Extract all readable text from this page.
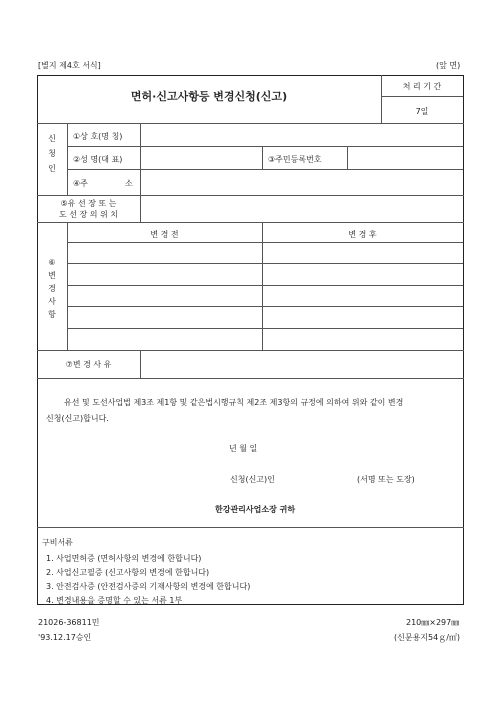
[별지 제4호 서식]	(앞 면)
면허·신고사항등 변경신청(신고)
처 리 기 간
7일
신
청
인
①상 호(명 칭)
②성 명(대 표)	③주민등록번호
④주	소
⑤유 선 장 또 는
도 선 장 의 위 치
⑥
변
경
사
항
변 경 전	변 경 후
⑦변 경 사 유
유선 및 도선사업법 제3조 제1항 및 같은법시행규칙 제2조 제3항의 규정에 의하여 위와 같이 변경
신청(신고)합니다.
년 월 일
신청(신고)인	(서명 또는 도장)
한강관리사업소장 귀하
구비서류
1. 사업면허증 (면허사항의 변경에 한합니다)
2. 사업신고필증 (신고사항의 변경에 한합니다)
3. 안전검사증 (안전검사증의 기재사항의 변경에 한합니다)
4. 변경내용을 증명할 수 있는 서류 1부
21026-36811민	210㎜×297㎜
'93.12.17승인	(신문용지54ｇ/㎡)
